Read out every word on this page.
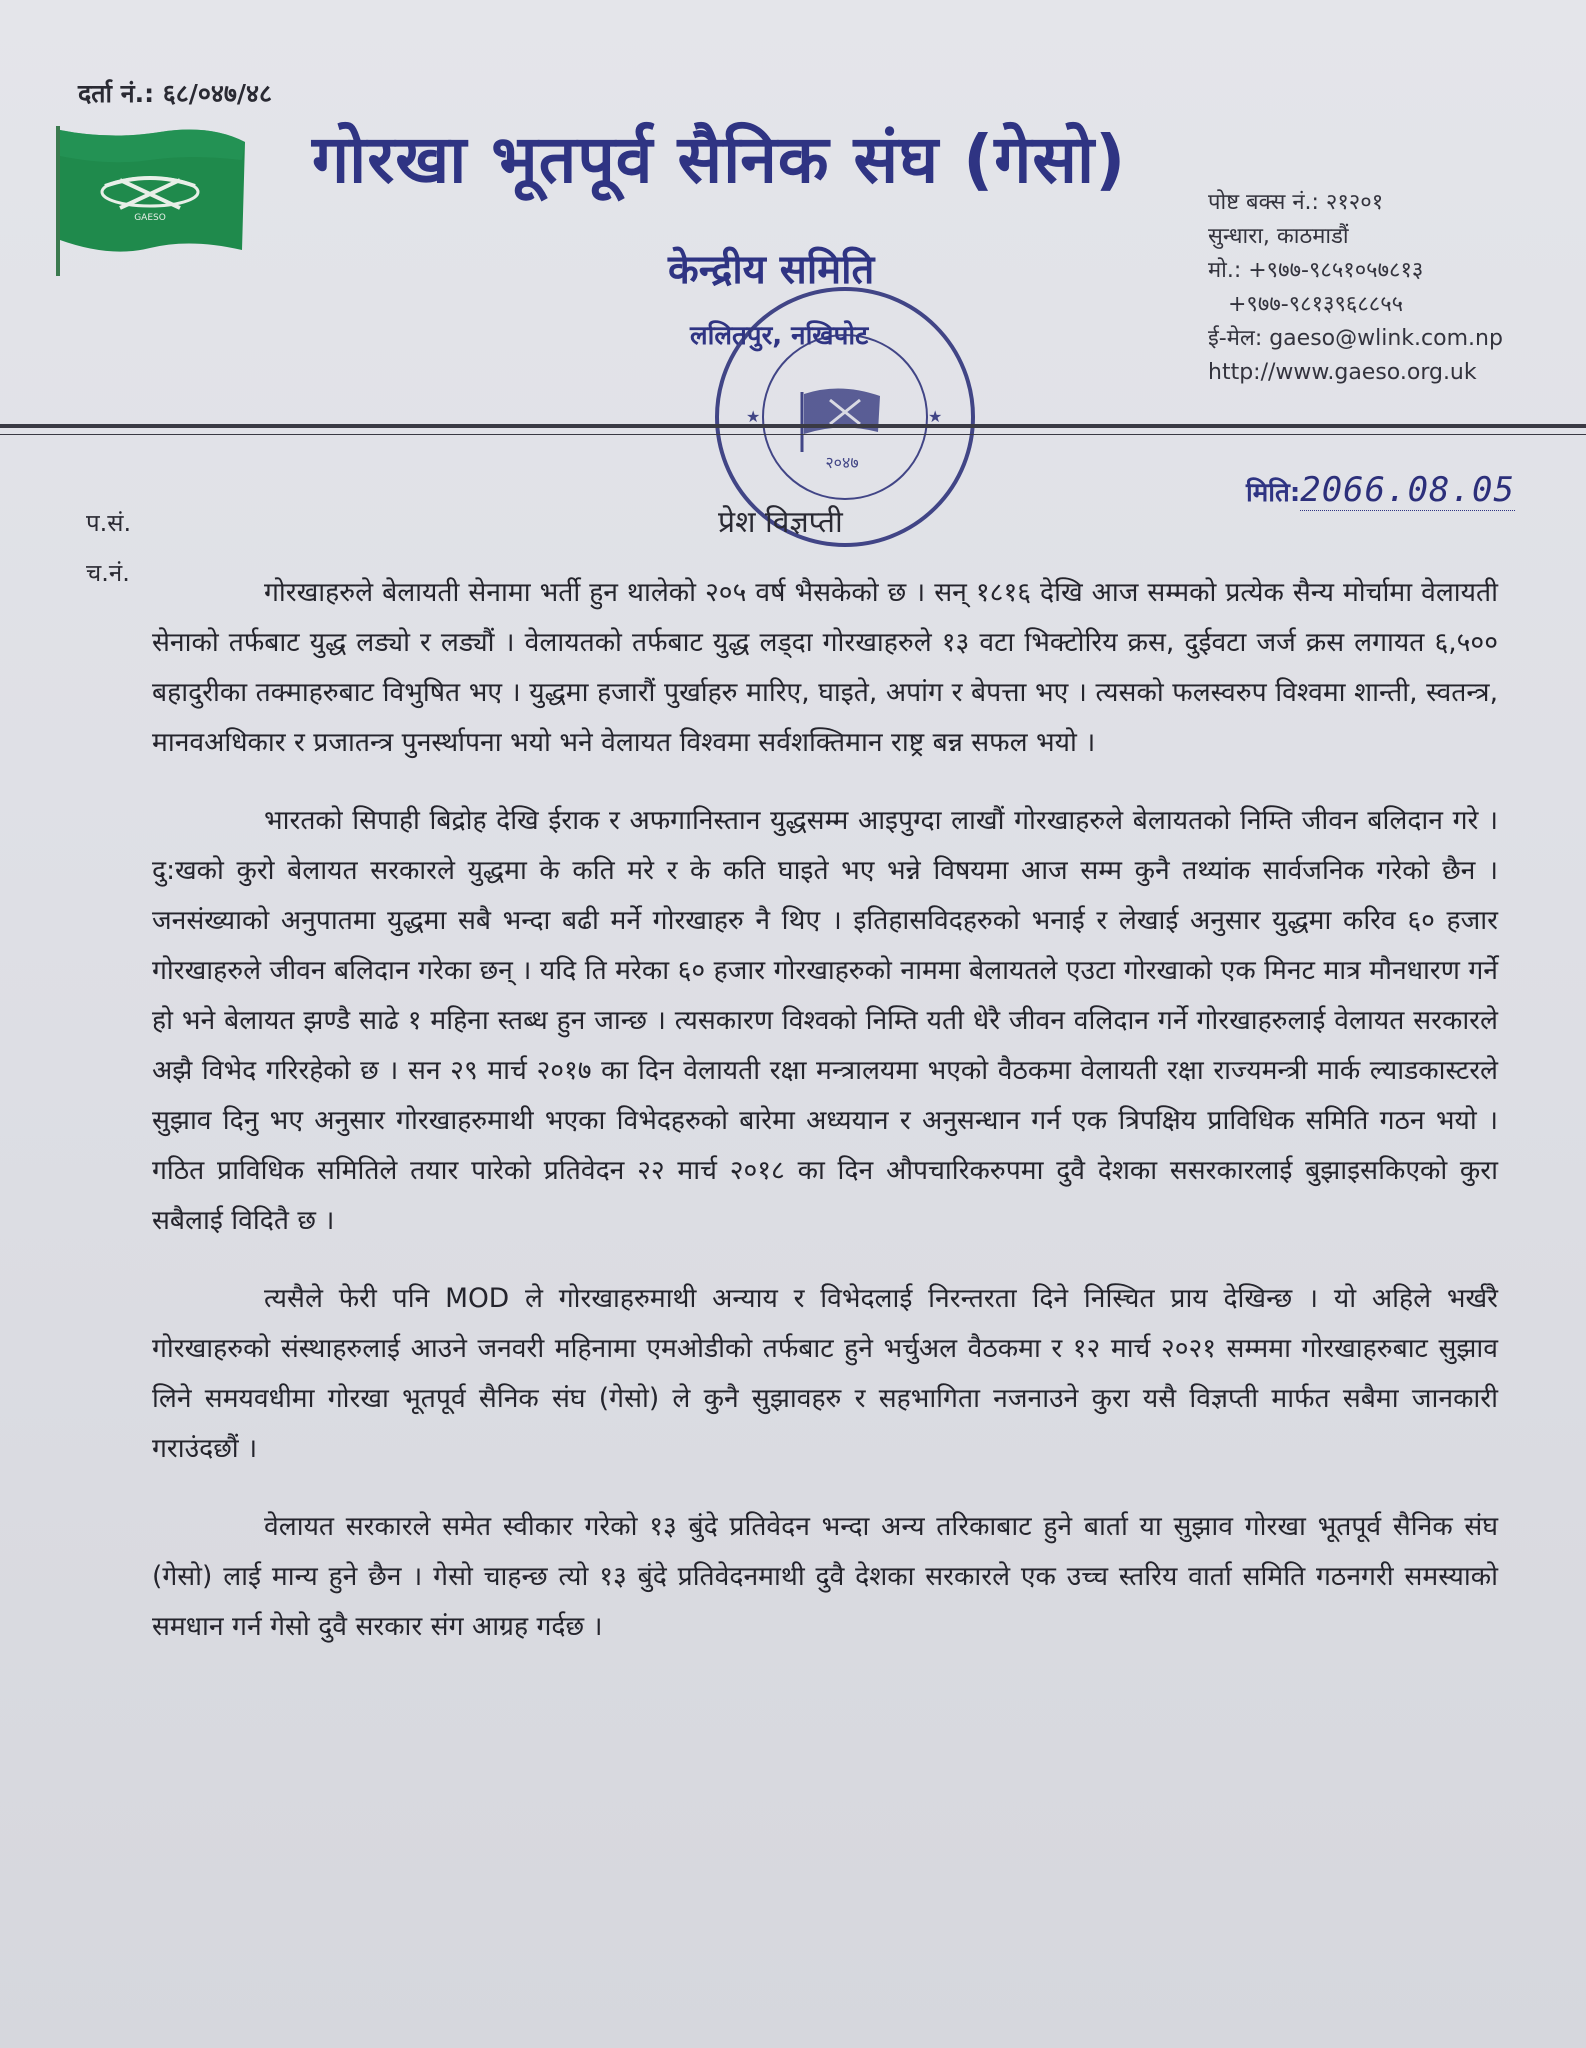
दर्ता नं.: ६८/०४७/४८
GAESO
गोरखा भूतपूर्व सैनिक संघ (गेसो)
केन्द्रीय समिति
ललितपुर, नखिपोट
२०४७
★	★
पोष्ट बक्स नं.: २१२०१
सुन्धारा, काठमाडौं
मो.: +९७७-९८५१०५७८१३
+९७७-९८१३९६८८५५
ई-मेल: gaeso@wlink.com.np
http://www.gaeso.org.uk
प.सं.
च.नं.
मिति:2066.08.05
प्रेश विज्ञप्ती

गोरखाहरुले बेलायती सेनामा भर्ती हुन थालेको २०५ वर्ष भैसकेको छ । सन् १८१६ देखि आज सम्मको प्रत्येक सैन्य मोर्चामा वेलायती सेनाको तर्फबाट युद्ध लड्यो र लड्यौं । वेलायतको तर्फबाट युद्ध लड्दा गोरखाहरुले १३ वटा भिक्टोरिय क्रस, दुईवटा जर्ज क्रस लगायत ६,५०० बहादुरीका तक्माहरुबाट विभुषित भए । युद्धमा हजारौं पुर्खाहरु मारिए, घाइते, अपांग र बेपत्ता भए । त्यसको फलस्वरुप विश्वमा शान्ती, स्वतन्त्र, मानवअधिकार र प्रजातन्त्र पुनर्स्थापना भयो भने वेलायत विश्वमा सर्वशक्तिमान राष्ट्र बन्न सफल भयो ।

भारतको सिपाही बिद्रोह देखि ईराक र अफगानिस्तान युद्धसम्म आइपुग्दा लाखौं गोरखाहरुले बेलायतको निम्ति जीवन बलिदान गरे । दु:खको कुरो बेलायत सरकारले युद्धमा के कति मरे र के कति घाइते भए भन्ने विषयमा आज सम्म कुनै तथ्यांक सार्वजनिक गरेको छैन । जनसंख्याको अनुपातमा युद्धमा सबै भन्दा बढी मर्ने गोरखाहरु नै थिए । इतिहासविदहरुको भनाई र लेखाई अनुसार युद्धमा करिव ६० हजार गोरखाहरुले जीवन बलिदान गरेका छन् । यदि ति मरेका ६० हजार गोरखाहरुको नाममा बेलायतले एउटा गोरखाको एक मिनट मात्र मौनधारण गर्ने हो भने बेलायत झण्डै साढे १ महिना स्तब्ध हुन जान्छ । त्यसकारण विश्वको निम्ति यती धेरै जीवन वलिदान गर्ने गोरखाहरुलाई वेलायत सरकारले अझै विभेद गरिरहेको छ । सन २९ मार्च २०१७ का दिन वेलायती रक्षा मन्त्रालयमा भएको वैठकमा वेलायती रक्षा राज्यमन्त्री मार्क ल्याडकास्टरले सुझाव दिनु भए अनुसार गोरखाहरुमाथी भएका विभेदहरुको बारेमा अध्ययान र अनुसन्धान गर्न एक त्रिपक्षिय प्राविधिक समिति गठन भयो । गठित प्राविधिक समितिले तयार पारेको प्रतिवेदन २२ मार्च २०१८ का दिन औपचारिकरुपमा दुवै देशका ससरकारलाई बुझाइसकिएको कुरा सबैलाई विदितै छ ।

त्यसैले फेरी पनि MOD ले गोरखाहरुमाथी अन्याय र विभेदलाई निरन्तरता दिने निस्चित प्राय देखिन्छ । यो अहिले भर्खरै गोरखाहरुको संस्थाहरुलाई आउने जनवरी महिनामा एमओडीको तर्फबाट हुने भर्चुअल वैठकमा र १२ मार्च २०२१ सम्ममा गोरखाहरुबाट सुझाव लिने समयवधीमा गोरखा भूतपूर्व सैनिक संघ (गेसो) ले कुनै सुझावहरु र सहभागिता नजनाउने कुरा यसै विज्ञप्ती मार्फत सबैमा जानकारी गराउंदछौं ।

वेलायत सरकारले समेत स्वीकार गरेको १३ बुंदे प्रतिवेदन भन्दा अन्य तरिकाबाट हुने बार्ता या सुझाव गोरखा भूतपूर्व सैनिक संघ (गेसो) लाई मान्य हुने छैन । गेसो चाहन्छ त्यो १३ बुंदे प्रतिवेदनमाथी दुवै देशका सरकारले एक उच्च स्तरिय वार्ता समिति गठनगरी समस्याको समधान गर्न गेसो दुवै सरकार संग आग्रह गर्दछ ।
